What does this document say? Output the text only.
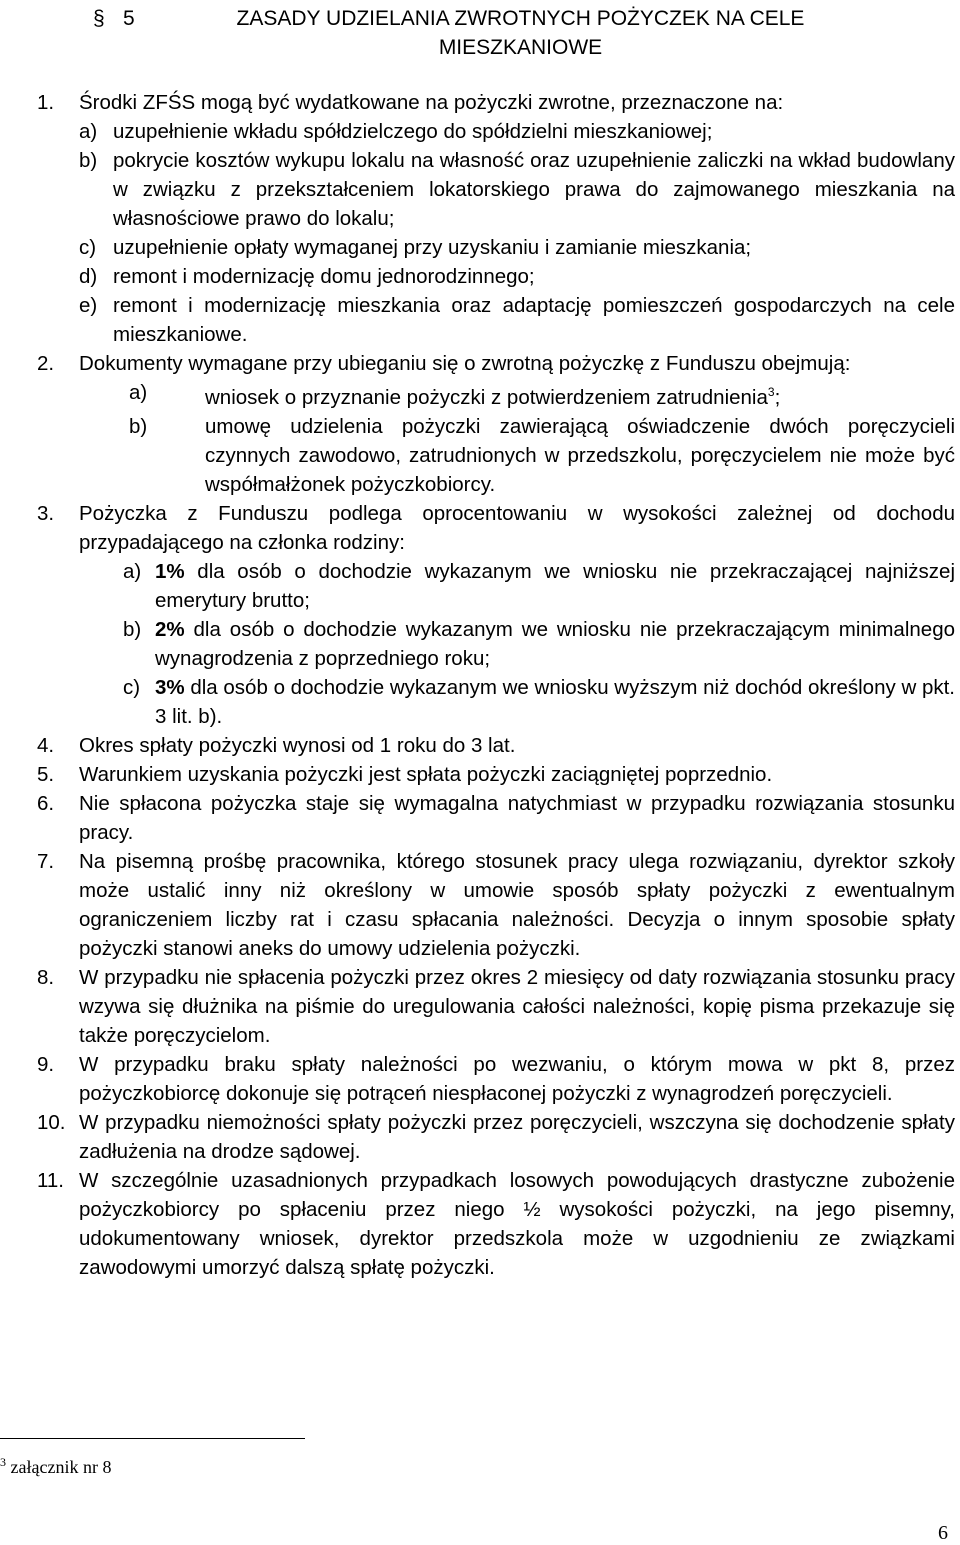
§ 5	ZASADY UDZIELANIA ZWROTNYCH POŻYCZEK NA CELE MIESZKANIOWE
1.	Środki ZFŚS mogą być wydatkowane na pożyczki zwrotne, przeznaczone na:
a) uzupełnienie wkładu spółdzielczego do spółdzielni mieszkaniowej;
b) pokrycie kosztów wykupu lokalu na własność oraz uzupełnienie zaliczki na wkład budowlany w związku z przekształceniem lokatorskiego prawa do zajmowanego mieszkania na własnościowe prawo do lokalu;
c) uzupełnienie opłaty wymaganej przy uzyskaniu i zamianie mieszkania;
d) remont i modernizację domu jednorodzinnego;
e) remont i modernizację mieszkania oraz adaptację pomieszczeń gospodarczych na cele mieszkaniowe.
2.	Dokumenty wymagane przy ubieganiu się o zwrotną pożyczkę z Funduszu obejmują:
a)	wniosek o przyznanie pożyczki z potwierdzeniem zatrudnienia$^3$;
b)	umowę udzielenia pożyczki zawierającą oświadczenie dwóch poręczycieli czynnych zawodowo, zatrudnionych w przedszkolu, poręczycielem nie może być współmałżonek pożyczkobiorcy.
3.	Pożyczka z Funduszu podlega oprocentowaniu w wysokości zależnej od dochodu przypadającego na członka rodziny:
a) 1% dla osób o dochodzie wykazanym we wniosku nie przekraczającej najniższej emerytury brutto;
b) 2% dla osób o dochodzie wykazanym we wniosku nie przekraczającym minimalnego wynagrodzenia z poprzedniego roku;
c) 3% dla osób o dochodzie wykazanym we wniosku wyższym niż dochód określony w pkt. 3 lit. b).
4.	Okres spłaty pożyczki wynosi od 1 roku do 3 lat.
5.	Warunkiem uzyskania pożyczki jest spłata pożyczki zaciągniętej poprzednio.
6.	Nie spłacona pożyczka staje się wymagalna natychmiast w przypadku rozwiązania stosunku pracy.
7.	Na pisemną prośbę pracownika, którego stosunek pracy ulega rozwiązaniu, dyrektor szkoły może ustalić inny niż określony w umowie sposób spłaty pożyczki z ewentualnym ograniczeniem liczby rat i czasu spłacania należności. Decyzja o innym sposobie spłaty pożyczki stanowi aneks do umowy udzielenia pożyczki.
8.	W przypadku nie spłacenia pożyczki przez okres 2 miesięcy od daty rozwiązania stosunku pracy wzywa się dłużnika na piśmie do uregulowania całości należności, kopię pisma przekazuje się także poręczycielom.
9.	W przypadku braku spłaty należności po wezwaniu, o którym mowa w pkt 8, przez pożyczkobiorcę dokonuje się potrąceń niespłaconej pożyczki z wynagrodzeń poręczycieli.
10. W przypadku niemożności spłaty pożyczki przez poręczycieli, wszczyna się dochodzenie spłaty zadłużenia na drodze sądowej.
11. W szczególnie uzasadnionych przypadkach losowych powodujących drastyczne zubożenie pożyczkobiorcy po spłaceniu przez niego ½ wysokości pożyczki, na jego pisemny, udokumentowany wniosek, dyrektor przedszkola może w uzgodnieniu ze związkami zawodowymi umorzyć dalszą spłatę pożyczki.
$^3$ załącznik nr 8
6
